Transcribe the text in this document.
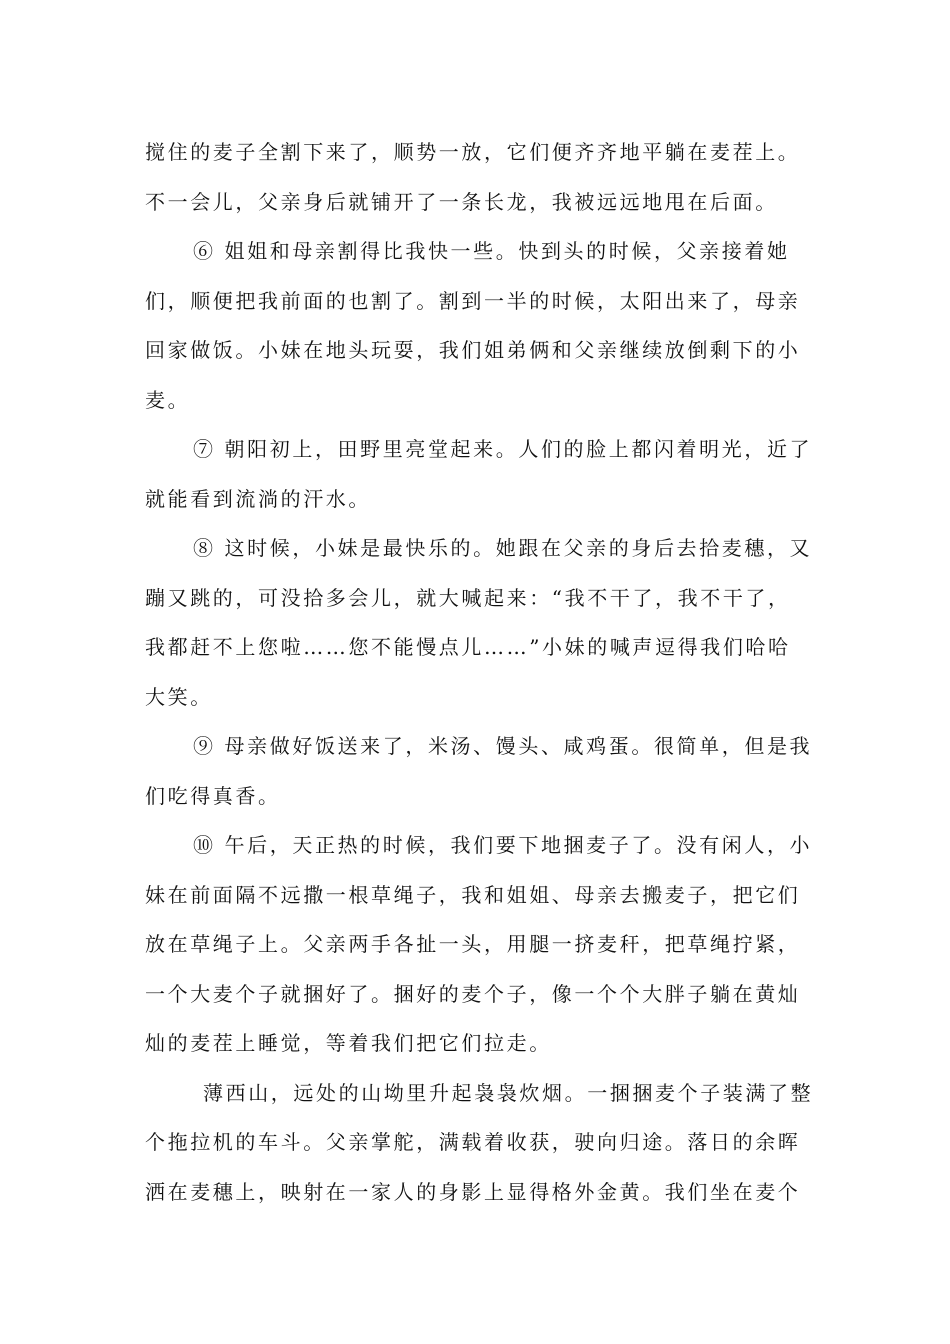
搅住的麦子全割下来了，顺势一放，它们便齐齐地平躺在麦茬上。
不一会儿，父亲身后就铺开了一条长龙，我被远远地甩在后面。
⑥ 姐姐和母亲割得比我快一些。快到头的时候，父亲接着她
们，顺便把我前面的也割了。割到一半的时候，太阳出来了，母亲
回家做饭。小妹在地头玩耍，我们姐弟俩和父亲继续放倒剩下的小
麦。
⑦ 朝阳初上，田野里亮堂起来。人们的脸上都闪着明光，近了
就能看到流淌的汗水。
⑧ 这时候，小妹是最快乐的。她跟在父亲的身后去拾麦穗，又
蹦又跳的，可没拾多会儿，就大喊起来：“我不干了，我不干了，
我都赶不上您啦……您不能慢点儿……”小妹的喊声逗得我们哈哈
大笑。
⑨ 母亲做好饭送来了，米汤、馒头、咸鸡蛋。很简单，但是我
们吃得真香。
⑩ 午后，天正热的时候，我们要下地捆麦子了。没有闲人，小
妹在前面隔不远撒一根草绳子，我和姐姐、母亲去搬麦子，把它们
放在草绳子上。父亲两手各扯一头，用腿一挤麦秆，把草绳拧紧，
一个大麦个子就捆好了。捆好的麦个子，像一个个大胖子躺在黄灿
灿的麦茬上睡觉，等着我们把它们拉走。
薄西山，远处的山坳里升起袅袅炊烟。一捆捆麦个子装满了整
个拖拉机的车斗。父亲掌舵，满载着收获，驶向归途。落日的余晖
洒在麦穗上，映射在一家人的身影上显得格外金黄。我们坐在麦个
